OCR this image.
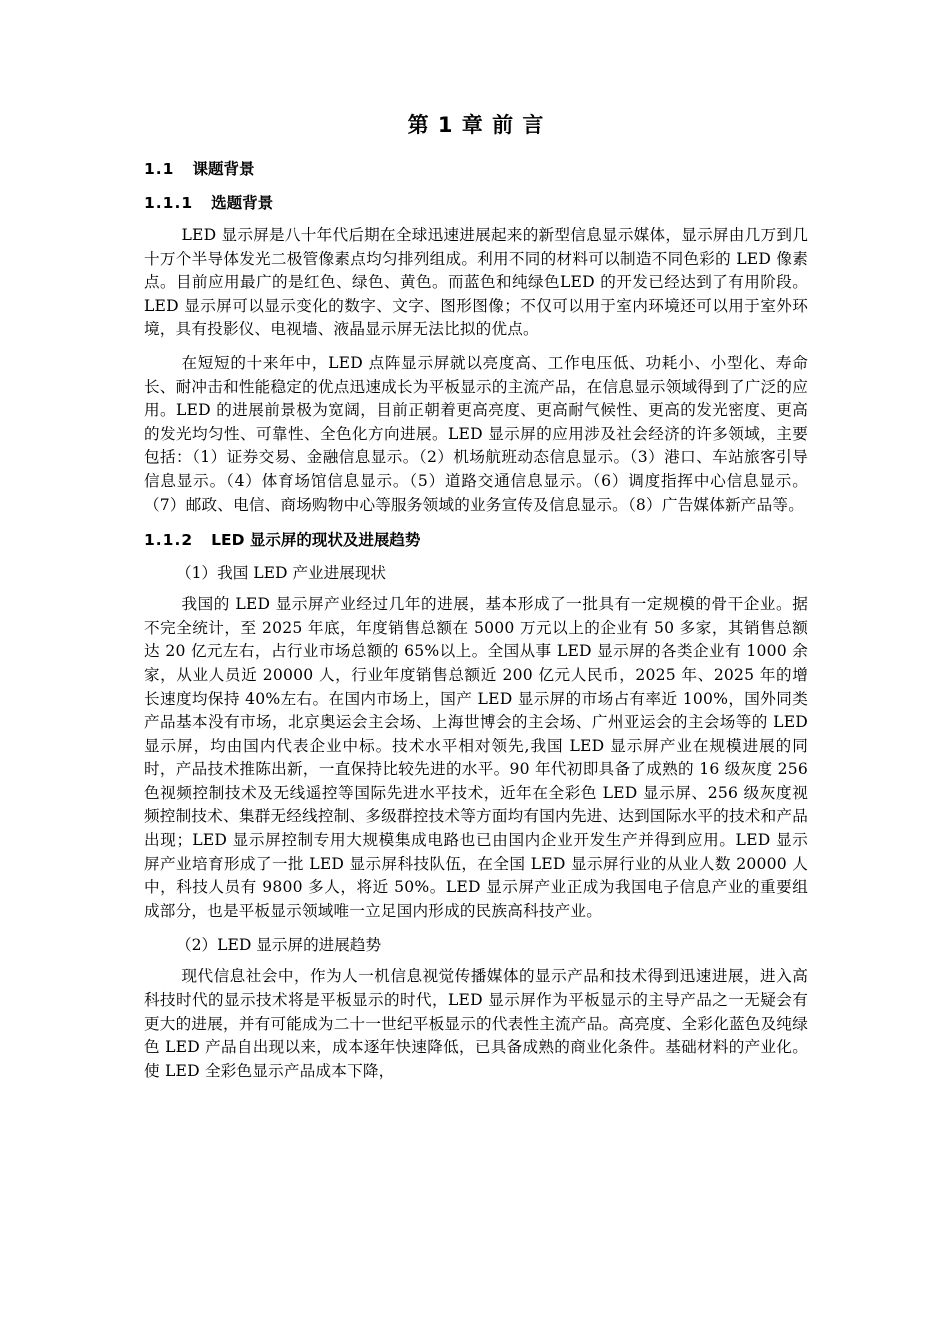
第 1 章 前 言
1.1 课题背景
1.1.1 选题背景

LED 显示屏是八十年代后期在全球迅速进展起来的新型信息显示媒体，显示屏由几万到几十万个半导体发光二极管像素点均匀排列组成。利用不同的材料可以制造不同色彩的 LED 像素点。目前应用最广的是红色、绿色、黄色。而蓝色和纯绿色LED 的开发已经达到了有用阶段。LED 显示屏可以显示变化的数字、文字、图形图像；不仅可以用于室内环境还可以用于室外环境，具有投影仪、电视墙、液晶显示屏无法比拟的优点。

在短短的十来年中，LED 点阵显示屏就以亮度高、工作电压低、功耗小、小型化、寿命长、耐冲击和性能稳定的优点迅速成长为平板显示的主流产品，在信息显示领域得到了广泛的应用。LED 的进展前景极为宽阔，目前正朝着更高亮度、更高耐气候性、更高的发光密度、更高的发光均匀性、可靠性、全色化方向进展。LED 显示屏的应用涉及社会经济的许多领域，主要包括：（1）证券交易、金融信息显示。（2）机场航班动态信息显示。（3）港口、车站旅客引导信息显示。（4）体育场馆信息显示。（5）道路交通信息显示。（6）调度指挥中心信息显示。（7）邮政、电信、商场购物中心等服务领域的业务宣传及信息显示。（8）广告媒体新产品等。

1.1.2 LED 显示屏的现状及进展趋势
（1）我国 LED 产业进展现状

我国的 LED 显示屏产业经过几年的进展，基本形成了一批具有一定规模的骨干企业。据不完全统计，至 2025 年底，年度销售总额在 5000 万元以上的企业有 50 多家，其销售总额达 20 亿元左右，占行业市场总额的 65%以上。全国从事 LED 显示屏的各类企业有 1000 余家，从业人员近 20000 人，行业年度销售总额近 200 亿元人民币，2025 年、2025 年的增长速度均保持 40%左右。在国内市场上，国产 LED 显示屏的市场占有率近 100%，国外同类产品基本没有市场，北京奥运会主会场、上海世博会的主会场、广州亚运会的主会场等的 LED 显示屏，均由国内代表企业中标。技术水平相对领先,我国 LED 显示屏产业在规模进展的同时，产品技术推陈出新，一直保持比较先进的水平。90 年代初即具备了成熟的 16 级灰度 256 色视频控制技术及无线遥控等国际先进水平技术，近年在全彩色 LED 显示屏、256 级灰度视频控制技术、集群无经线控制、多级群控技术等方面均有国内先进、达到国际水平的技术和产品出现；LED 显示屏控制专用大规模集成电路也已由国内企业开发生产并得到应用。LED 显示屏产业培育形成了一批 LED 显示屏科技队伍，在全国 LED 显示屏行业的从业人数 20000 人中，科技人员有 9800 多人，将近 50%。LED 显示屏产业正成为我国电子信息产业的重要组成部分，也是平板显示领域唯一立足国内形成的民族高科技产业。

（2）LED 显示屏的进展趋势

现代信息社会中，作为人一机信息视觉传播媒体的显示产品和技术得到迅速进展，进入高科技时代的显示技术将是平板显示的时代，LED 显示屏作为平板显示的主导产品之一无疑会有更大的进展，并有可能成为二十一世纪平板显示的代表性主流产品。高亮度、全彩化蓝色及纯绿色 LED 产品自出现以来，成本逐年快速降低，已具备成熟的商业化条件。基础材料的产业化。使 LED 全彩色显示产品成本下降，
